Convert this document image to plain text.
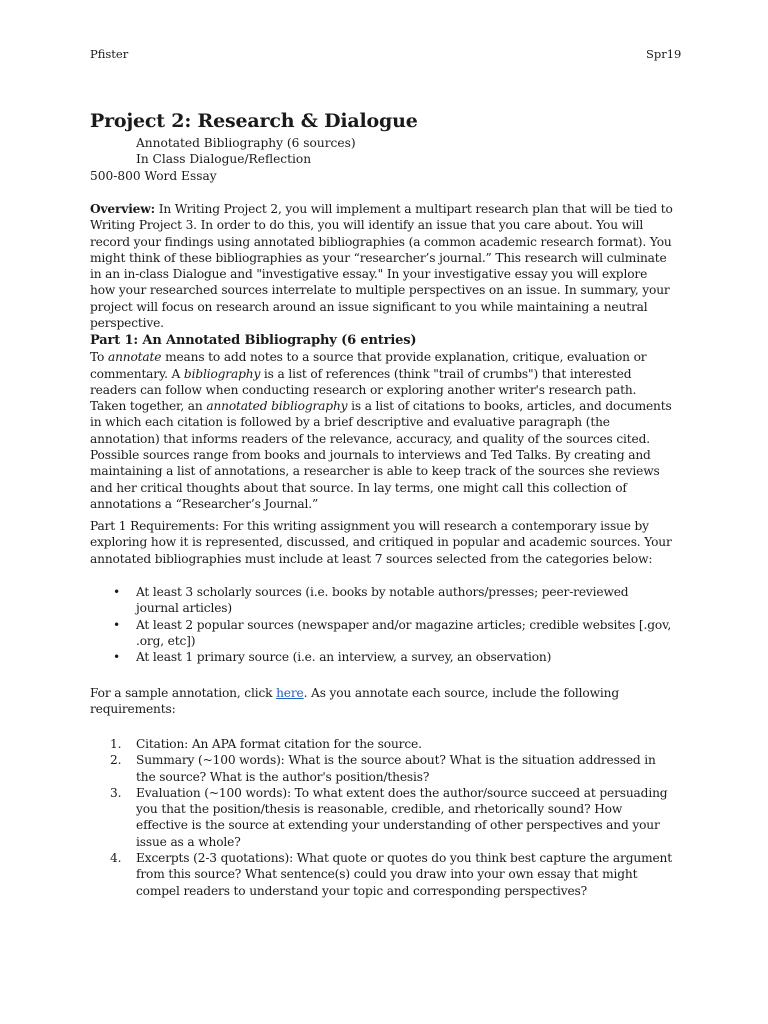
Pfister	Spr19
Project 2: Research & Dialogue
Annotated Bibliography (6 sources)
In Class Dialogue/Reflection
500-800 Word Essay
Overview: In Writing Project 2, you will implement a multipart research plan that will be tied to Writing Project 3. In order to do this, you will identify an issue that you care about. You will record your findings using annotated bibliographies (a common academic research format). You might think of these bibliographies as your “researcher’s journal.” This research will culminate in an in-class Dialogue and "investigative essay." In your investigative essay you will explore how your researched sources interrelate to multiple perspectives on an issue. In summary, your project will focus on research around an issue significant to you while maintaining a neutral perspective.
Part 1: An Annotated Bibliography (6 entries)
To annotate means to add notes to a source that provide explanation, critique, evaluation or commentary. A bibliography is a list of references (think "trail of crumbs") that interested readers can follow when conducting research or exploring another writer's research path. Taken together, an annotated bibliography is a list of citations to books, articles, and documents in which each citation is followed by a brief descriptive and evaluative paragraph (the annotation) that informs readers of the relevance, accuracy, and quality of the sources cited. Possible sources range from books and journals to interviews and Ted Talks. By creating and maintaining a list of annotations, a researcher is able to keep track of the sources she reviews and her critical thoughts about that source. In lay terms, one might call this collection of annotations a “Researcher’s Journal.”
Part 1 Requirements: For this writing assignment you will research a contemporary issue by exploring how it is represented, discussed, and critiqued in popular and academic sources. Your annotated bibliographies must include at least 7 sources selected from the categories below:
• At least 3 scholarly sources (i.e. books by notable authors/presses; peer-reviewed journal articles)
• At least 2 popular sources (newspaper and/or magazine articles; credible websites [.gov, .org, etc])
• At least 1 primary source (i.e. an interview, a survey, an observation)
For a sample annotation, click here. As you annotate each source, include the following requirements:
1. Citation: An APA format citation for the source.
2. Summary (~100 words): What is the source about? What is the situation addressed in the source? What is the author's position/thesis?
3. Evaluation (~100 words): To what extent does the author/source succeed at persuading you that the position/thesis is reasonable, credible, and rhetorically sound? How effective is the source at extending your understanding of other perspectives and your issue as a whole?
4. Excerpts (2-3 quotations): What quote or quotes do you think best capture the argument from this source? What sentence(s) could you draw into your own essay that might compel readers to understand your topic and corresponding perspectives?
